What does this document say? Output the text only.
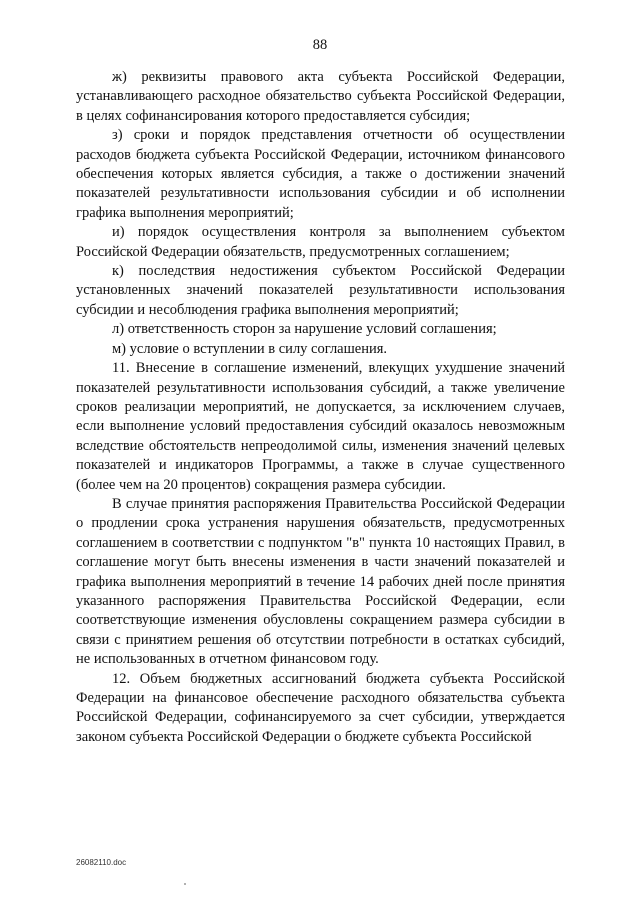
88

ж) реквизиты правового акта субъекта Российской Федерации, устанавливающего расходное обязательство субъекта Российской Федерации, в целях софинансирования которого предоставляется субсидия;

з) сроки и порядок представления отчетности об осуществлении расходов бюджета субъекта Российской Федерации, источником финансового обеспечения которых является субсидия, а также о достижении значений показателей результативности использования субсидии и об исполнении графика выполнения мероприятий;

и) порядок осуществления контроля за выполнением субъектом Российской Федерации обязательств, предусмотренных соглашением;

к) последствия недостижения субъектом Российской Федерации установленных значений показателей результативности использования субсидии и несоблюдения графика выполнения мероприятий;

л) ответственность сторон за нарушение условий соглашения;

м) условие о вступлении в силу соглашения.

11. Внесение в соглашение изменений, влекущих ухудшение значений показателей результативности использования субсидий, а также увеличение сроков реализации мероприятий, не допускается, за исключением случаев, если выполнение условий предоставления субсидий оказалось невозможным вследствие обстоятельств непреодолимой силы, изменения значений целевых показателей и индикаторов Программы, а также в случае существенного (более чем на 20 процентов) сокращения размера субсидии.

В случае принятия распоряжения Правительства Российской Федерации о продлении срока устранения нарушения обязательств, предусмотренных соглашением в соответствии с подпунктом "в" пункта 10 настоящих Правил, в соглашение могут быть внесены изменения в части значений показателей и графика выполнения мероприятий в течение 14 рабочих дней после принятия указанного распоряжения Правительства Российской Федерации, если соответствующие изменения обусловлены сокращением размера субсидии в связи с принятием решения об отсутствии потребности в остатках субсидий, не использованных в отчетном финансовом году.

12. Объем бюджетных ассигнований бюджета субъекта Российской Федерации на финансовое обеспечение расходного обязательства субъекта Российской Федерации, софинансируемого за счет субсидии, утверждается законом субъекта Российской Федерации о бюджете субъекта Российской

26082110.doc
